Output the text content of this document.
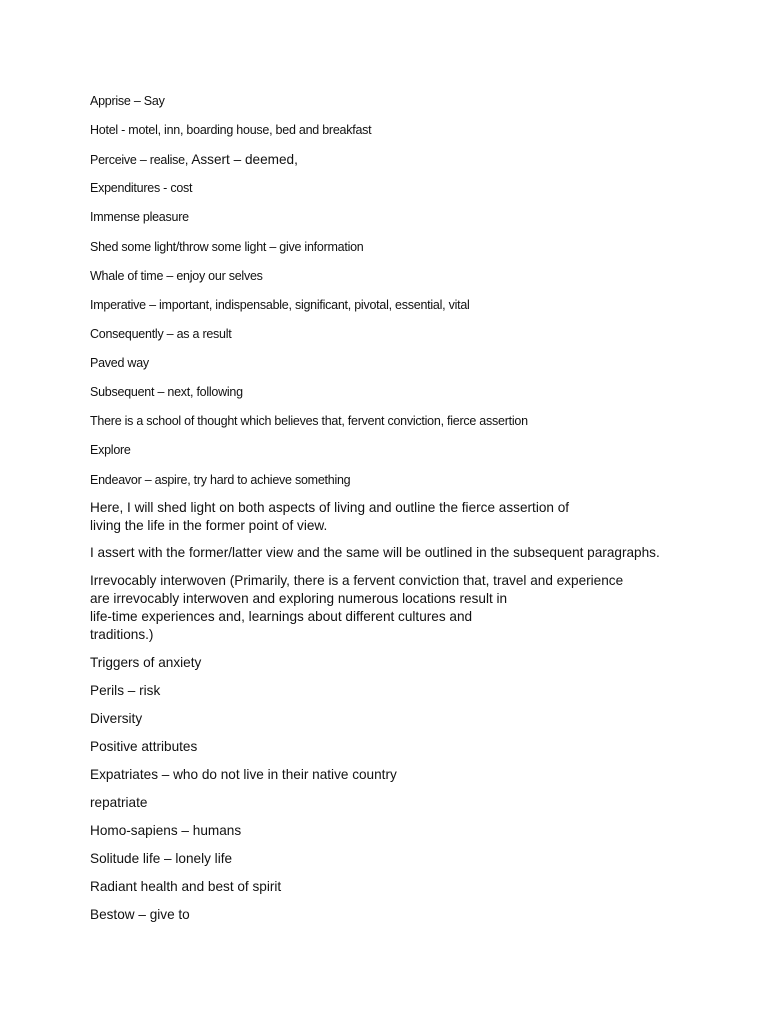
Apprise – Say

Hotel - motel, inn, boarding house, bed and breakfast

Perceive – realise, Assert – deemed,

Expenditures - cost

Immense pleasure

Shed some light/throw some light – give information

Whale of time – enjoy our selves

Imperative – important, indispensable, significant, pivotal, essential, vital

Consequently – as a result

Paved way

Subsequent – next, following

There is a school of thought which believes that, fervent conviction, fierce assertion

Explore

Endeavor – aspire, try hard to achieve something

Here, I will shed light on both aspects of living and outline the fierce assertion of
living the life in the former point of view.

I assert with the former/latter view and the same will be outlined in the subsequent paragraphs.

Irrevocably interwoven (Primarily, there is a fervent conviction that, travel and experience
are irrevocably interwoven and exploring numerous locations result in
life-time experiences and, learnings about different cultures and
traditions.)

Triggers of anxiety

Perils – risk

Diversity

Positive attributes

Expatriates – who do not live in their native country

repatriate

Homo-sapiens – humans

Solitude life – lonely life

Radiant health and best of spirit

Bestow – give to
